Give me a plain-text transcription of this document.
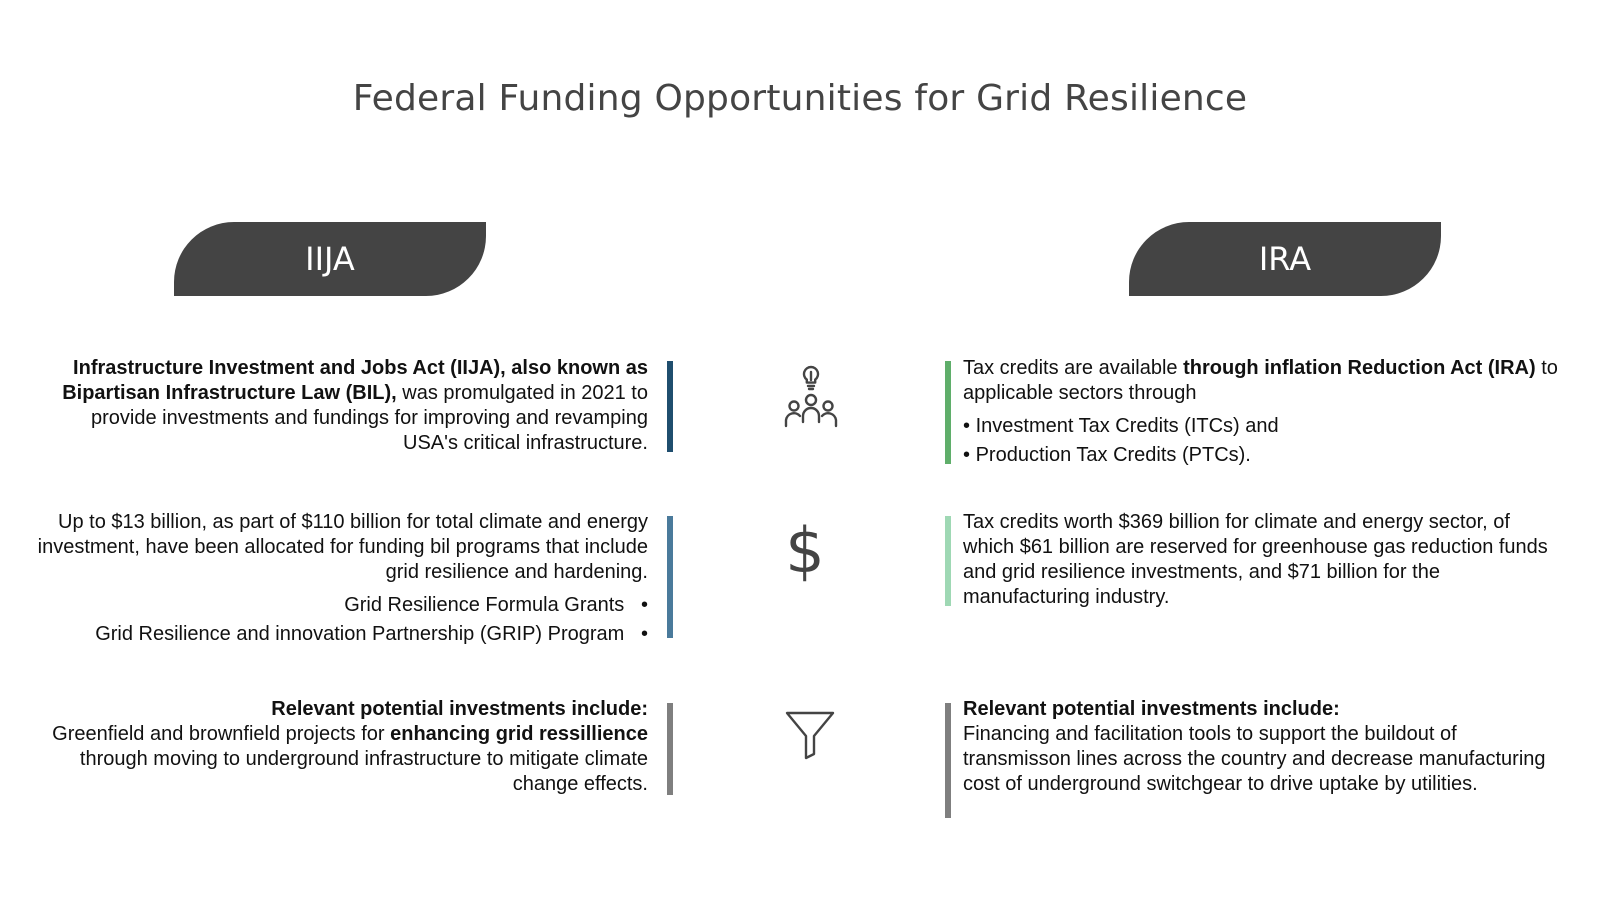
Federal Funding Opportunities for Grid Resilience
IIJA	IRA

Infrastructure Investment and Jobs Act (IIJA), also known as Bipartisan Infrastructure Law (BIL), was promulgated in 2021 to provide investments and fundings for improving and revamping USA's critical infrastructure.

Up to $13 billion, as part of $110 billion for total climate and energy investment, have been allocated for funding bil programs that include grid resilience and hardening.

Grid Resilience Formula Grants •
Grid Resilience and innovation Partnership (GRIP) Program •

Relevant potential investments include:

Greenfield and brownfield projects for enhancing grid ressillience through moving to underground infrastructure to mitigate climate change effects.

$

Tax credits are available through inflation Reduction Act (IRA) to applicable sectors through

• Investment Tax Credits (ITCs) and
• Production Tax Credits (PTCs).

Tax credits worth $369 billion for climate and energy sector, of which $61 billion are reserved for greenhouse gas reduction funds and grid resilience investments, and $71 billion for the manufacturing industry.

Relevant potential investments include:

Financing and facilitation tools to support the buildout of transmisson lines across the country and decrease manufacturing cost of underground switchgear to drive uptake by utilities.
